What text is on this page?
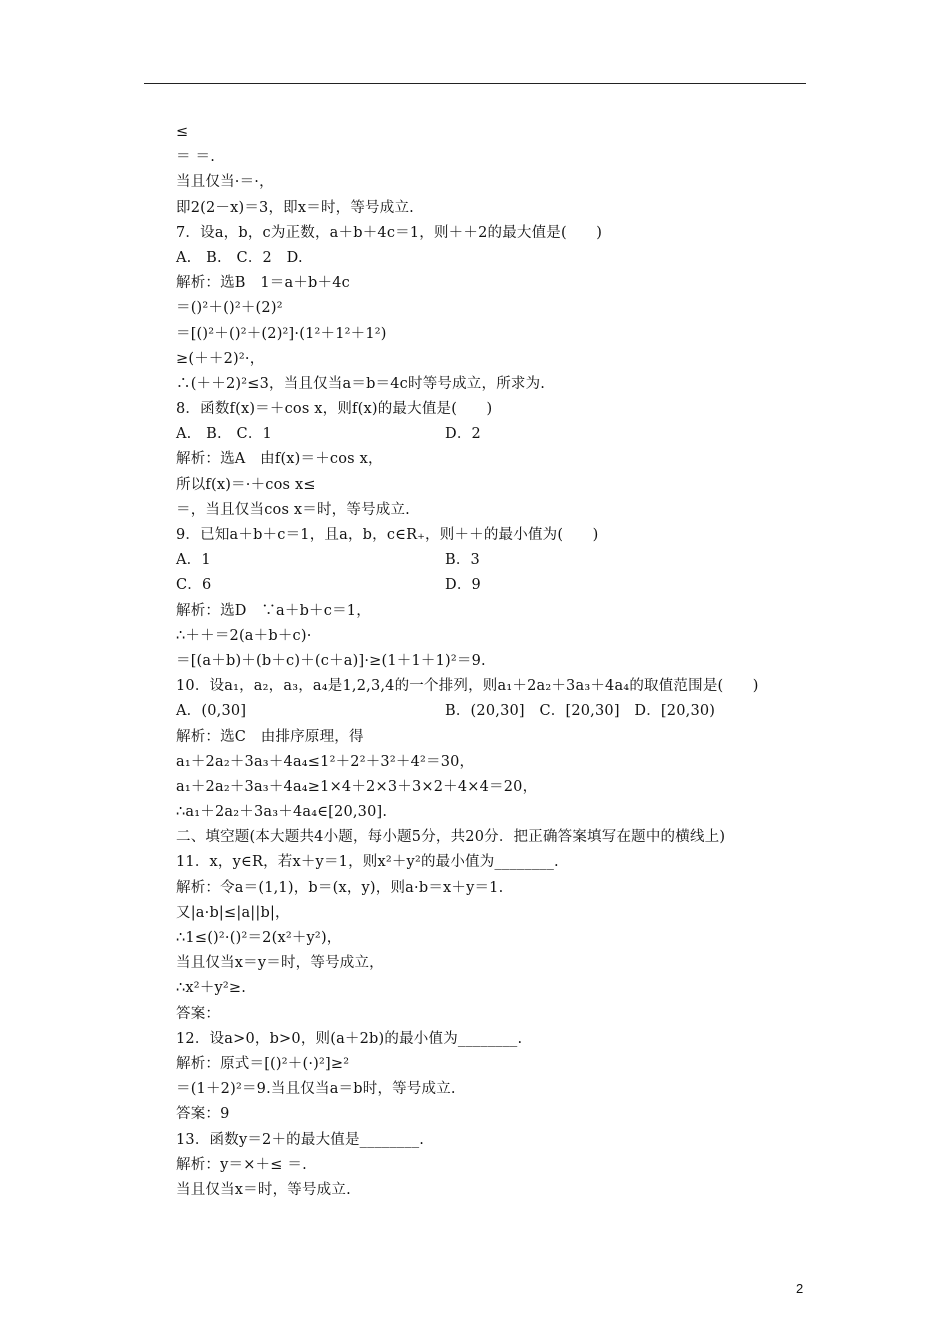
≤
＝ ＝.
当且仅当·＝·，
即2(2－x)＝3，即x＝时，等号成立.
7．设a，b，c为正数，a＋b＋4c＝1，则＋＋2的最大值是(　　)
A.　B.　C．2　D.
解析：选B　1＝a＋b＋4c
＝()²＋()²＋(2)²
＝[()²＋()²＋(2)²]·(1²＋1²＋1²)
≥(＋＋2)²·，
∴(＋＋2)²≤3，当且仅当a＝b＝4c时等号成立，所求为.
8．函数f(x)＝＋cos x，则f(x)的最大值是(　　)
A.　B.　C．1	D．2
解析：选A　由f(x)＝＋cos x，
所以f(x)＝·＋cos x≤
＝，当且仅当cos x＝时，等号成立.
9．已知a＋b＋c＝1，且a，b，c∈R₊，则＋＋的最小值为(　　)
A．1	B．3
C．6	D．9
解析：选D　∵a＋b＋c＝1，
∴＋＋＝2(a＋b＋c)·
＝[(a＋b)＋(b＋c)＋(c＋a)]·≥(1＋1＋1)²＝9.
10．设a₁，a₂，a₃，a₄是1,2,3,4的一个排列，则a₁＋2a₂＋3a₃＋4a₄的取值范围是(　　)
A．(0,30]	B．(20,30]　C．[20,30]　D．[20,30)
解析：选C　由排序原理，得
a₁＋2a₂＋3a₃＋4a₄≤1²＋2²＋3²＋4²＝30，
a₁＋2a₂＋3a₃＋4a₄≥1×4＋2×3＋3×2＋4×4＝20，
∴a₁＋2a₂＋3a₃＋4a₄∈[20,30].
二、填空题(本大题共4小题，每小题5分，共20分．把正确答案填写在题中的横线上)
11．x，y∈R，若x＋y＝1，则x²＋y²的最小值为________.
解析：令a＝(1,1)，b＝(x，y)，则a·b＝x＋y＝1.
又|a·b|≤|a||b|，
∴1≤()²·()²＝2(x²＋y²)，
当且仅当x＝y＝时，等号成立，
∴x²＋y²≥.
答案：
12．设a>0，b>0，则(a＋2b)的最小值为________.
解析：原式＝[()²＋(·)²]≥²
＝(1＋2)²＝9.当且仅当a＝b时，等号成立.
答案：9
13．函数y＝2＋的最大值是________.
解析：y＝×＋≤ ＝.
当且仅当x＝时，等号成立.
2
